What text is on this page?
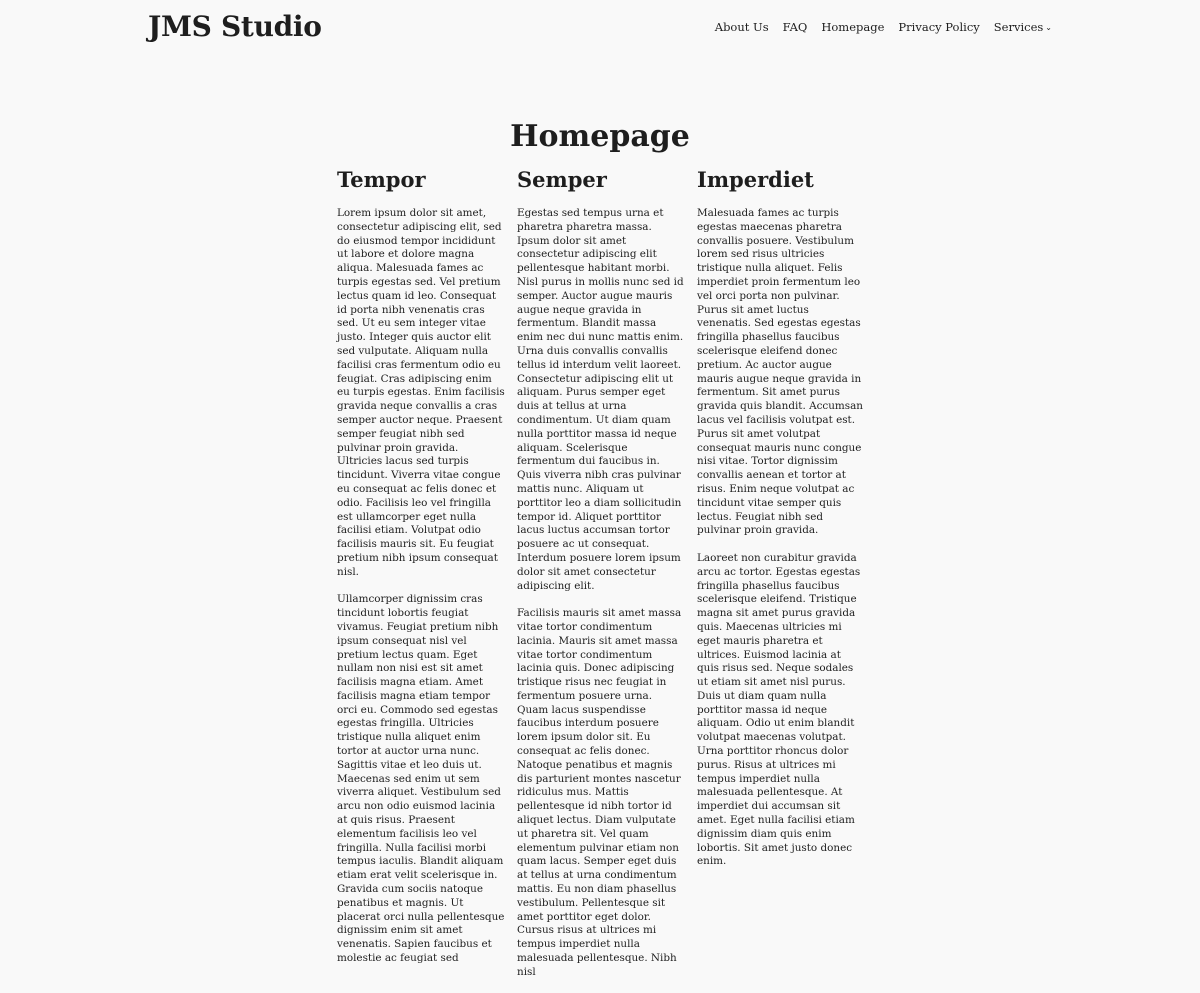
JMS Studio	About Us FAQ Homepage Privacy Policy Services ⌄
Homepage
Tempor

Lorem ipsum dolor sit amet, consectetur adipiscing elit, sed do eiusmod tempor incididunt ut labore et dolore magna aliqua. Malesuada fames ac turpis egestas sed. Vel pretium lectus quam id leo. Consequat id porta nibh venenatis cras sed. Ut eu sem integer vitae justo. Integer quis auctor elit sed vulputate. Aliquam nulla facilisi cras fermentum odio eu feugiat. Cras adipiscing enim eu turpis egestas. Enim facilisis gravida neque convallis a cras semper auctor neque. Praesent semper feugiat nibh sed pulvinar proin gravida. Ultricies lacus sed turpis tincidunt. Viverra vitae congue eu consequat ac felis donec et odio. Facilisis leo vel fringilla est ullamcorper eget nulla facilisi etiam. Volutpat odio facilisis mauris sit. Eu feugiat pretium nibh ipsum consequat nisl.

Ullamcorper dignissim cras tincidunt lobortis feugiat vivamus. Feugiat pretium nibh ipsum consequat nisl vel pretium lectus quam. Eget nullam non nisi est sit amet facilisis magna etiam. Amet facilisis magna etiam tempor orci eu. Commodo sed egestas egestas fringilla. Ultricies tristique nulla aliquet enim tortor at auctor urna nunc. Sagittis vitae et leo duis ut. Maecenas sed enim ut sem viverra aliquet. Vestibulum sed arcu non odio euismod lacinia at quis risus. Praesent elementum facilisis leo vel fringilla. Nulla facilisi morbi tempus iaculis. Blandit aliquam etiam erat velit scelerisque in. Gravida cum sociis natoque penatibus et magnis. Ut placerat orci nulla pellentesque dignissim enim sit amet venenatis. Sapien faucibus et molestie ac feugiat sed

Semper

Egestas sed tempus urna et pharetra pharetra massa. Ipsum dolor sit amet consectetur adipiscing elit pellentesque habitant morbi. Nisl purus in mollis nunc sed id semper. Auctor augue mauris augue neque gravida in fermentum. Blandit massa enim nec dui nunc mattis enim. Urna duis convallis convallis tellus id interdum velit laoreet. Consectetur adipiscing elit ut aliquam. Purus semper eget duis at tellus at urna condimentum. Ut diam quam nulla porttitor massa id neque aliquam. Scelerisque fermentum dui faucibus in. Quis viverra nibh cras pulvinar mattis nunc. Aliquam ut porttitor leo a diam sollicitudin tempor id. Aliquet porttitor lacus luctus accumsan tortor posuere ac ut consequat. Interdum posuere lorem ipsum dolor sit amet consectetur adipiscing elit.

Facilisis mauris sit amet massa vitae tortor condimentum lacinia. Mauris sit amet massa vitae tortor condimentum lacinia quis. Donec adipiscing tristique risus nec feugiat in fermentum posuere urna. Quam lacus suspendisse faucibus interdum posuere lorem ipsum dolor sit. Eu consequat ac felis donec. Natoque penatibus et magnis dis parturient montes nascetur ridiculus mus. Mattis pellentesque id nibh tortor id aliquet lectus. Diam vulputate ut pharetra sit. Vel quam elementum pulvinar etiam non quam lacus. Semper eget duis at tellus at urna condimentum mattis. Eu non diam phasellus vestibulum. Pellentesque sit amet porttitor eget dolor. Cursus risus at ultrices mi tempus imperdiet nulla malesuada pellentesque. Nibh nisl

Imperdiet

Malesuada fames ac turpis egestas maecenas pharetra convallis posuere. Vestibulum lorem sed risus ultricies tristique nulla aliquet. Felis imperdiet proin fermentum leo vel orci porta non pulvinar. Purus sit amet luctus venenatis. Sed egestas egestas fringilla phasellus faucibus scelerisque eleifend donec pretium. Ac auctor augue mauris augue neque gravida in fermentum. Sit amet purus gravida quis blandit. Accumsan lacus vel facilisis volutpat est. Purus sit amet volutpat consequat mauris nunc congue nisi vitae. Tortor dignissim convallis aenean et tortor at risus. Enim neque volutpat ac tincidunt vitae semper quis lectus. Feugiat nibh sed pulvinar proin gravida.

Laoreet non curabitur gravida arcu ac tortor. Egestas egestas fringilla phasellus faucibus scelerisque eleifend. Tristique magna sit amet purus gravida quis. Maecenas ultricies mi eget mauris pharetra et ultrices. Euismod lacinia at quis risus sed. Neque sodales ut etiam sit amet nisl purus. Duis ut diam quam nulla porttitor massa id neque aliquam. Odio ut enim blandit volutpat maecenas volutpat. Urna porttitor rhoncus dolor purus. Risus at ultrices mi tempus imperdiet nulla malesuada pellentesque. At imperdiet dui accumsan sit amet. Eget nulla facilisi etiam dignissim diam quis enim lobortis. Sit amet justo donec enim.
